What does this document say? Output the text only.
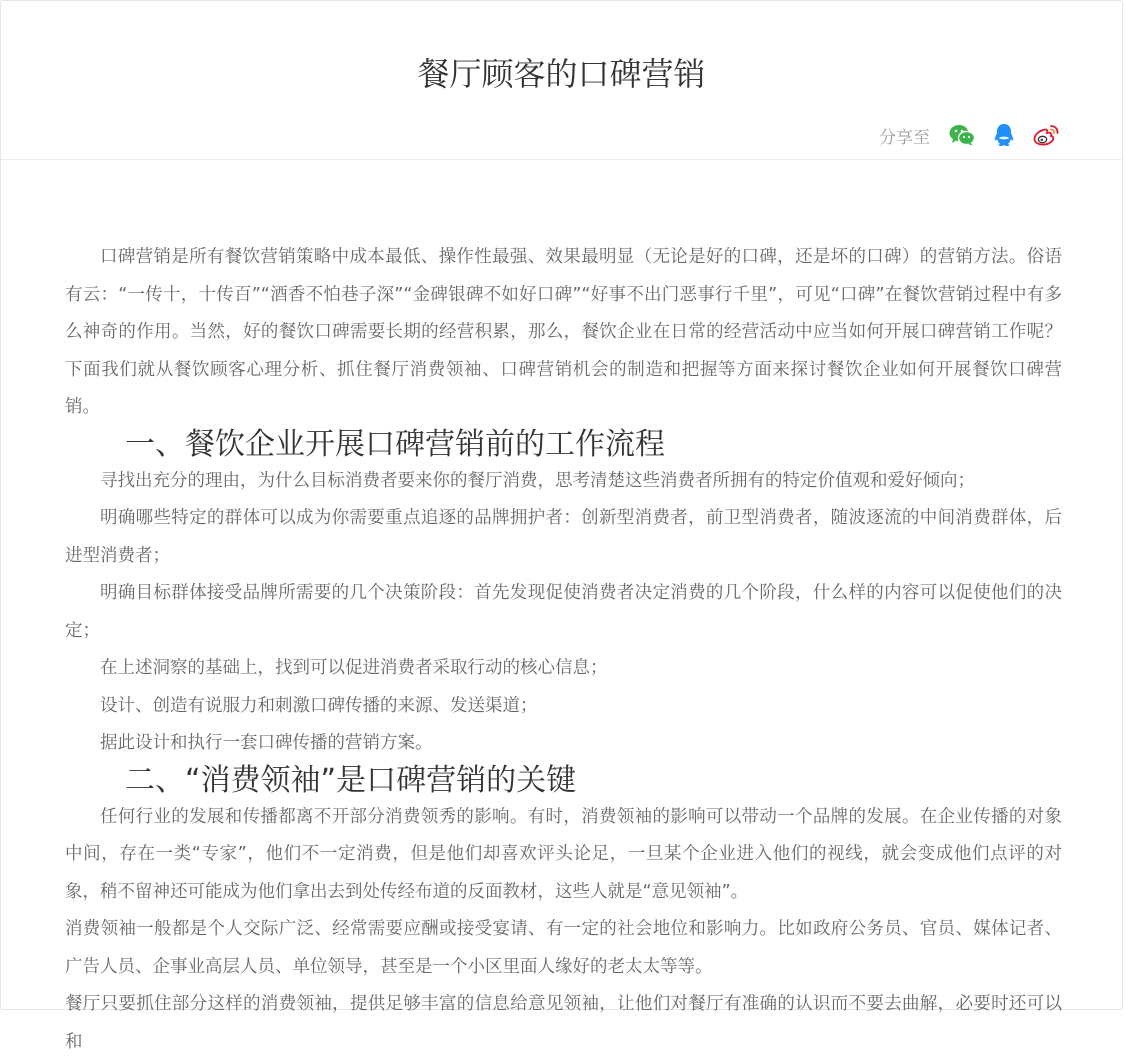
餐厅顾客的口碑营销
分享至

口碑营销是所有餐饮营销策略中成本最低、操作性最强、效果最明显（无论是好的口碑，还是坏的口碑）的营销方法。俗语有云：“一传十，十传百”“酒香不怕巷子深”“金碑银碑不如好口碑”“好事不出门恶事行千里”，可见“口碑”在餐饮营销过程中有多么神奇的作用。当然，好的餐饮口碑需要长期的经营积累，那么，餐饮企业在日常的经营活动中应当如何开展口碑营销工作呢？下面我们就从餐饮顾客心理分析、抓住餐厅消费领袖、口碑营销机会的制造和把握等方面来探讨餐饮企业如何开展餐饮口碑营销。

一、餐饮企业开展口碑营销前的工作流程

寻找出充分的理由，为什么目标消费者要来你的餐厅消费，思考清楚这些消费者所拥有的特定价值观和爱好倾向；

明确哪些特定的群体可以成为你需要重点追逐的品牌拥护者：创新型消费者，前卫型消费者，随波逐流的中间消费群体，后进型消费者；

明确目标群体接受品牌所需要的几个决策阶段：首先发现促使消费者决定消费的几个阶段，什么样的内容可以促使他们的决定；

在上述洞察的基础上，找到可以促进消费者采取行动的核心信息；

设计、创造有说服力和刺激口碑传播的来源、发送渠道；

据此设计和执行一套口碑传播的营销方案。

二、“消费领袖”是口碑营销的关键

任何行业的发展和传播都离不开部分消费领秀的影响。有时，消费领袖的影响可以带动一个品牌的发展。在企业传播的对象中间，存在一类“专家”，他们不一定消费，但是他们却喜欢评头论足，一旦某个企业进入他们的视线，就会变成他们点评的对象，稍不留神还可能成为他们拿出去到处传经布道的反面教材，这些人就是“意见领袖”。

消费领袖一般都是个人交际广泛、经常需要应酬或接受宴请、有一定的社会地位和影响力。比如政府公务员、官员、媒体记者、广告人员、企事业高层人员、单位领导，甚至是一个小区里面人缘好的老太太等等。

餐厅只要抓住部分这样的消费领袖，提供足够丰富的信息给意见领袖，让他们对餐厅有准确的认识而不要去曲解，必要时还可以和
